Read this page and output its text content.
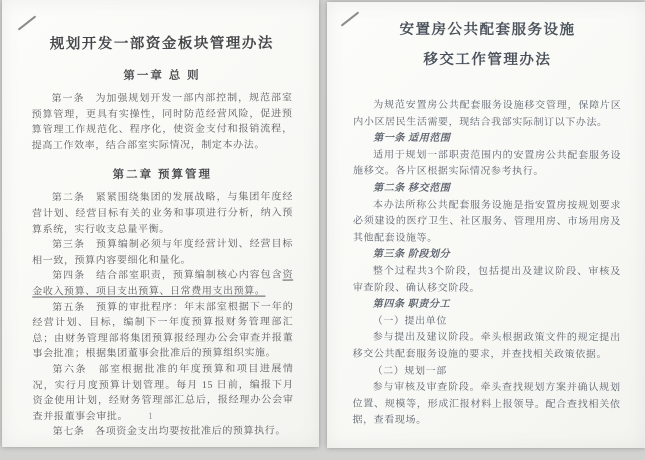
规划开发一部资金板块管理办法
第一章 总 则

第一条　为加强规划开发一部内部控制，规范部室预算管理，更具有实操性，同时防范经营风险，促进预算管理工作规范化、程序化，使资金支付和报销流程，提高工作效率，结合部室实际情况，制定本办法。

第二章 预算管理

第二条　紧紧围绕集团的发展战略，与集团年度经营计划、经营目标有关的业务和事项进行分析，纳入预算系统，实行收支总量平衡。

第三条　预算编制必须与年度经营计划、经营目标相一致，预算内容要细化和量化。

第四条　结合部室职责，预算编制核心内容包含资金收入预算、项目支出预算、日常费用支出预算。

第五条　预算的审批程序：年末部室根据下一年的经营计划、目标，编制下一年度预算报财务管理部汇总；由财务管理部将集团预算报经理办公会审查并报董事会批准；根据集团董事会批准后的预算组织实施。

第六条　部室根据批准的年度预算和项目进展情况，实行月度预算计划管理。每月 15 日前，编报下月资金使用计划，经财务管理部汇总后，报经理办公会审查并报董事会审批。

第七条　各项资金支出均要按批准后的预算执行。

1
安置房公共配套服务设施
移交工作管理办法

为规范安置房公共配套服务设施移交管理，保障片区内小区居民生活需要，现结合我部实际制订以下办法。

第一条 适用范围

适用于规划一部职责范围内的安置房公共配套服务设施移交。各片区根据实际情况参考执行。

第二条 移交范围

本办法所称公共配套服务设施是指安置房按规划要求必须建设的医疗卫生、社区服务、管理用房、市场用房及其他配套设施等。

第三条 阶段划分

整个过程共3个阶段，包括提出及建议阶段、审核及审查阶段、确认移交阶段。

第四条 职责分工

（一）提出单位

参与提出及建议阶段。牵头根据政策文件的规定提出移交公共配套服务设施的要求，并查找相关政策依据。

（二）规划一部

参与审核及审查阶段。牵头查找规划方案并确认规划位置、规模等，形成汇报材料上报领导。配合查找相关依据，查看现场。
